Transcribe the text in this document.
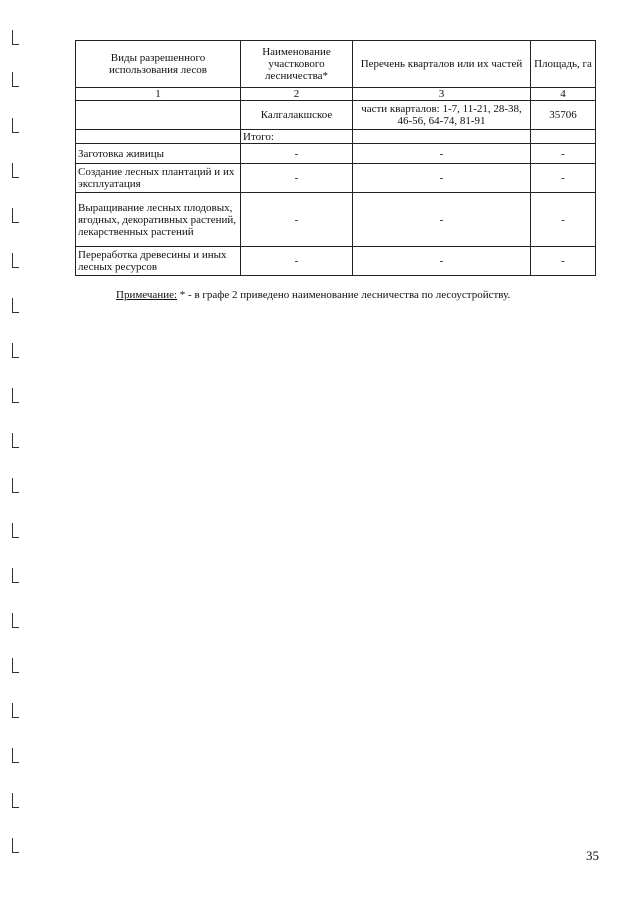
Виды разрешенного использования лесов	Наименование участкового лесничества*	Перечень кварталов или их частей	Площадь, га
1	2	3	4
	Калгалакшское	части кварталов: 1-7, 11-21, 28-38, 46-56, 64-74, 81-91	35706
	Итого:		
Заготовка живицы	-	-	-
Создание лесных плантаций и их эксплуатация	-	-	-
Выращивание лесных плодовых, ягодных, декоративных растений, лекарственных растений	-	-	-
Переработка древесины и иных лесных ресурсов	-	-	-
Примечание: * - в графе 2 приведено наименование лесничества по лесоустройству.
35
